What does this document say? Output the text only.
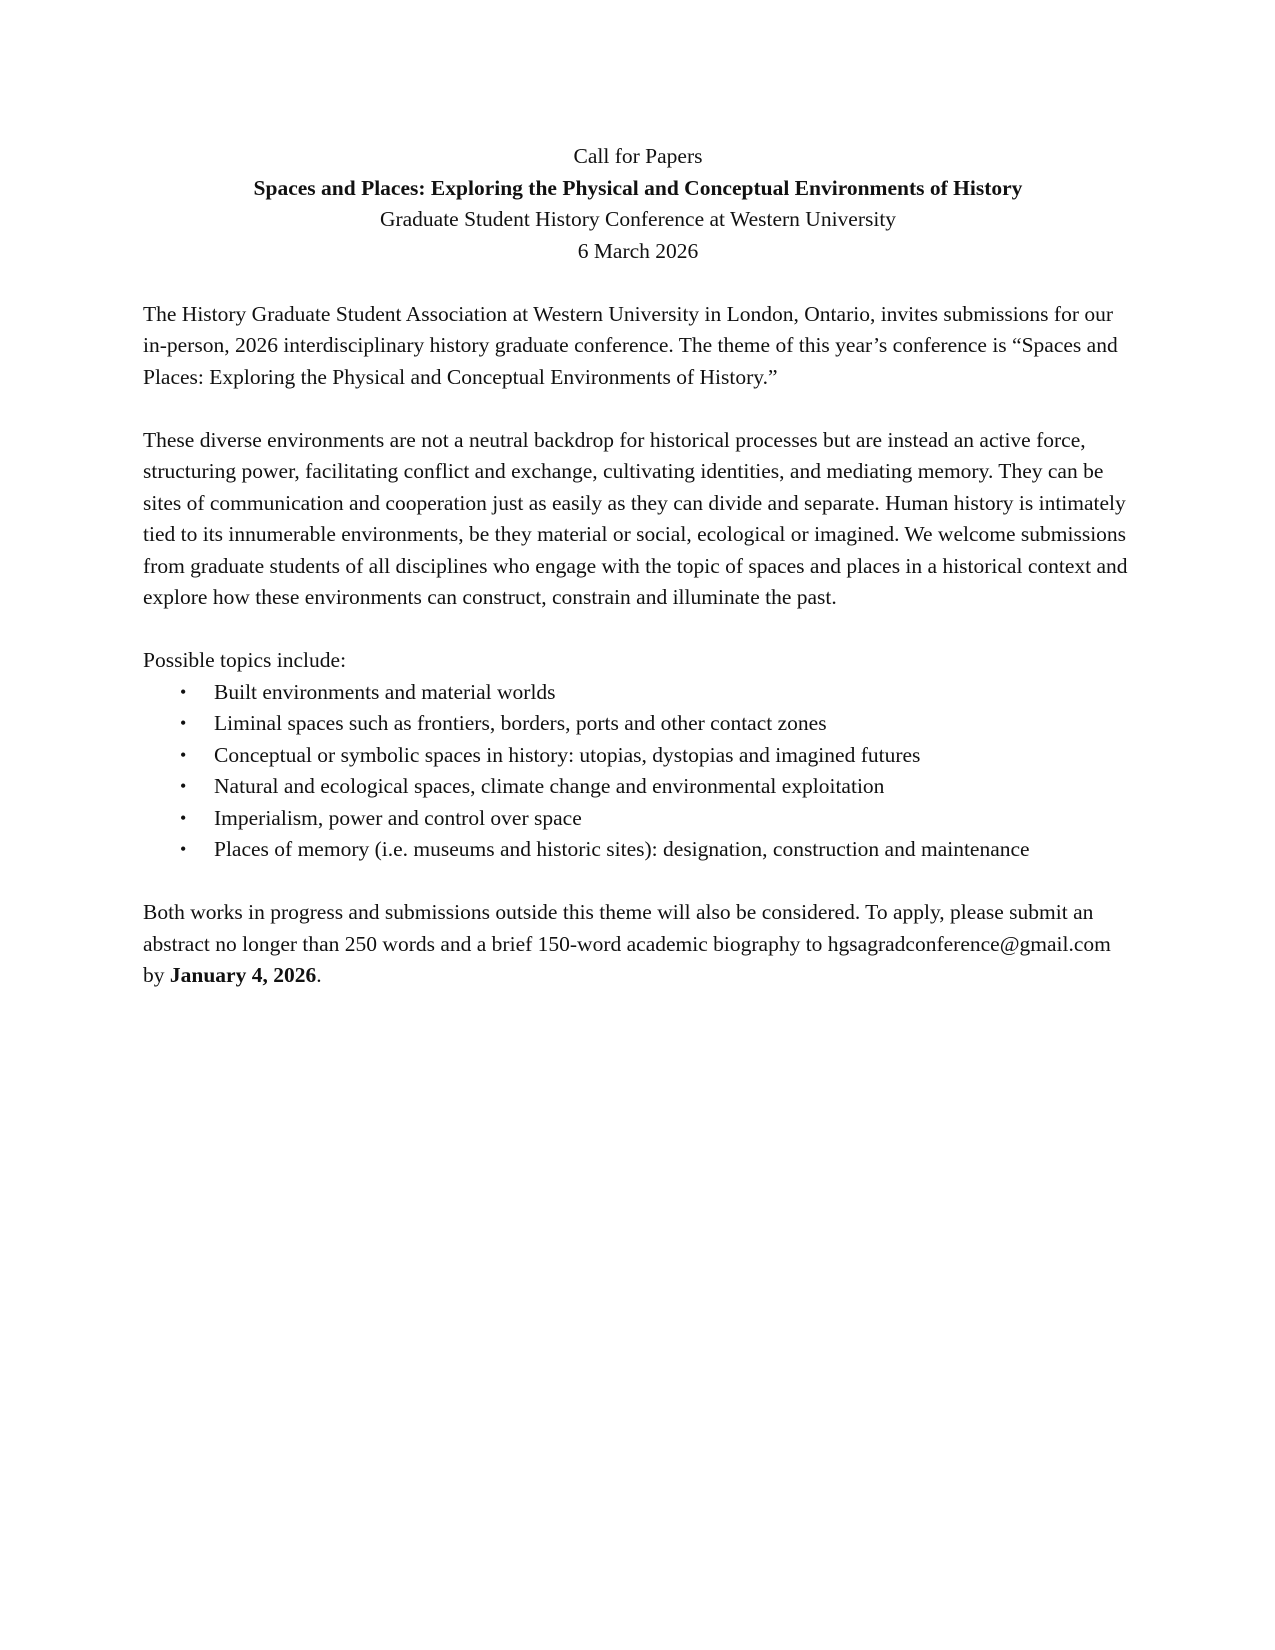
Call for Papers
Spaces and Places: Exploring the Physical and Conceptual Environments of History
Graduate Student History Conference at Western University
6 March 2026

The History Graduate Student Association at Western University in London, Ontario, invites submissions for our in-person, 2026 interdisciplinary history graduate conference. The theme of this year’s conference is “Spaces and Places: Exploring the Physical and Conceptual Environments of History.”

These diverse environments are not a neutral backdrop for historical processes but are instead an active force, structuring power, facilitating conflict and exchange, cultivating identities, and mediating memory. They can be sites of communication and cooperation just as easily as they can divide and separate. Human history is intimately tied to its innumerable environments, be they material or social, ecological or imagined. We welcome submissions from graduate students of all disciplines who engage with the topic of spaces and places in a historical context and explore how these environments can construct, constrain and illuminate the past.

Possible topics include:

• Built environments and material worlds
• Liminal spaces such as frontiers, borders, ports and other contact zones
• Conceptual or symbolic spaces in history: utopias, dystopias and imagined futures
• Natural and ecological spaces, climate change and environmental exploitation
• Imperialism, power and control over space
• Places of memory (i.e. museums and historic sites): designation, construction and maintenance

Both works in progress and submissions outside this theme will also be considered. To apply, please submit an abstract no longer than 250 words and a brief 150-word academic biography to hgsagradconference@gmail.com by January 4, 2026.
